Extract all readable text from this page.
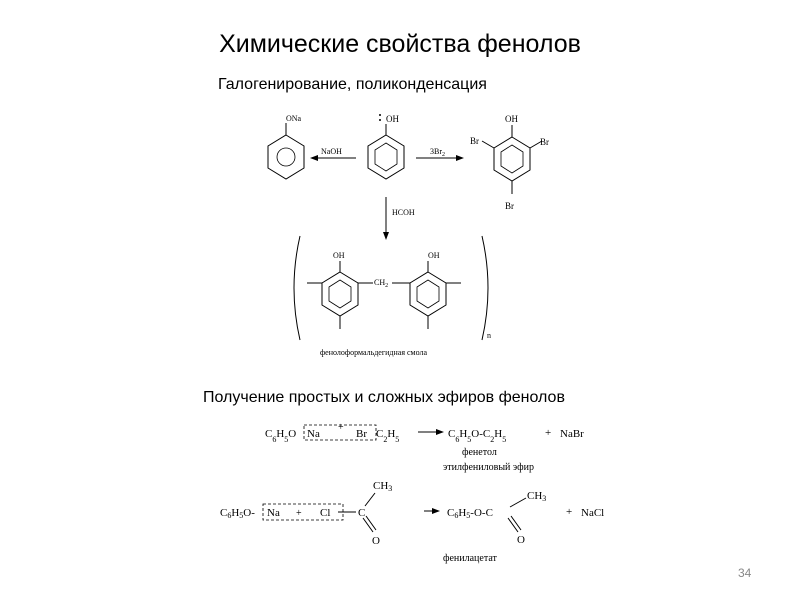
Химические свойства фенолов
Галогенирование, поликонденсация
Получение простых и сложных эфиров фенолов
34
OH
ONa
NaOH	$3Br_2$
OH
Br	Br
Br
HCOH
n
OH
$CH_2$
OH
фенолоформальдегидная смола
$C_6H_5O$ Na
+
Br $C_2H_5$	$C_6H_5O-C_2H_5$	+ NaBr
фенетол
этилфениловый эфир
C6H5O- Na + Cl	C
CH3
O
C6H5-O-C
CH3
O
+ NaCl
фенилацетат
